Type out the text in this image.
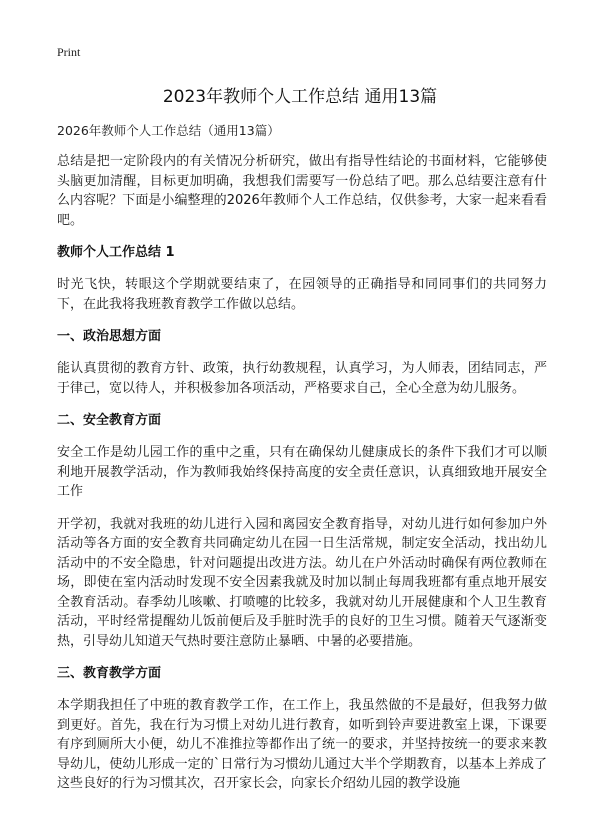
Print
2023年教师个人工作总结 通用13篇
2026年教师个人工作总结（通用13篇）

总结是把一定阶段内的有关情况分析研究，做出有指导性结论的书面材料，它能够使头脑更加清醒，目标更加明确，我想我们需要写一份总结了吧。那么总结要注意有什么内容呢？下面是小编整理的2026年教师个人工作总结，仅供参考，大家一起来看看吧。

教师个人工作总结 1

时光飞快，转眼这个学期就要结束了，在园领导的正确指导和同同事们的共同努力下，在此我将我班教育教学工作做以总结。

一、政治思想方面

能认真贯彻的教育方针、政策，执行幼教规程，认真学习，为人师表，团结同志，严于律己，宽以待人，并积极参加各项活动，严格要求自己，全心全意为幼儿服务。

二、安全教育方面

安全工作是幼儿园工作的重中之重，只有在确保幼儿健康成长的条件下我们才可以顺利地开展教学活动，作为教师我始终保持高度的安全责任意识，认真细致地开展安全工作

开学初，我就对我班的幼儿进行入园和离园安全教育指导，对幼儿进行如何参加户外活动等各方面的安全教育共同确定幼儿在园一日生活常规，制定安全活动，找出幼儿活动中的不安全隐患，针对问题提出改进方法。幼儿在户外活动时确保有两位教师在场，即使在室内活动时发现不安全因素我就及时加以制止每周我班都有重点地开展安全教育活动。春季幼儿咳嗽、打喷嚏的比较多，我就对幼儿开展健康和个人卫生教育活动，平时经常提醒幼儿饭前便后及手脏时洗手的良好的卫生习惯。随着天气逐渐变热，引导幼儿知道天气热时要注意防止暴晒、中暑的必要措施。

三、教育教学方面

本学期我担任了中班的教育教学工作，在工作上，我虽然做的不是最好，但我努力做到更好。首先，我在行为习惯上对幼儿进行教育，如听到铃声要进教室上课，下课要有序到厕所大小便，幼儿不准推拉等都作出了统一的要求，并坚持按统一的要求来教导幼儿，使幼儿形成一定的`日常行为习惯幼儿通过大半个学期教育，以基本上养成了这些良好的行为习惯其次，召开家长会，向家长介绍幼儿园的教学设施
